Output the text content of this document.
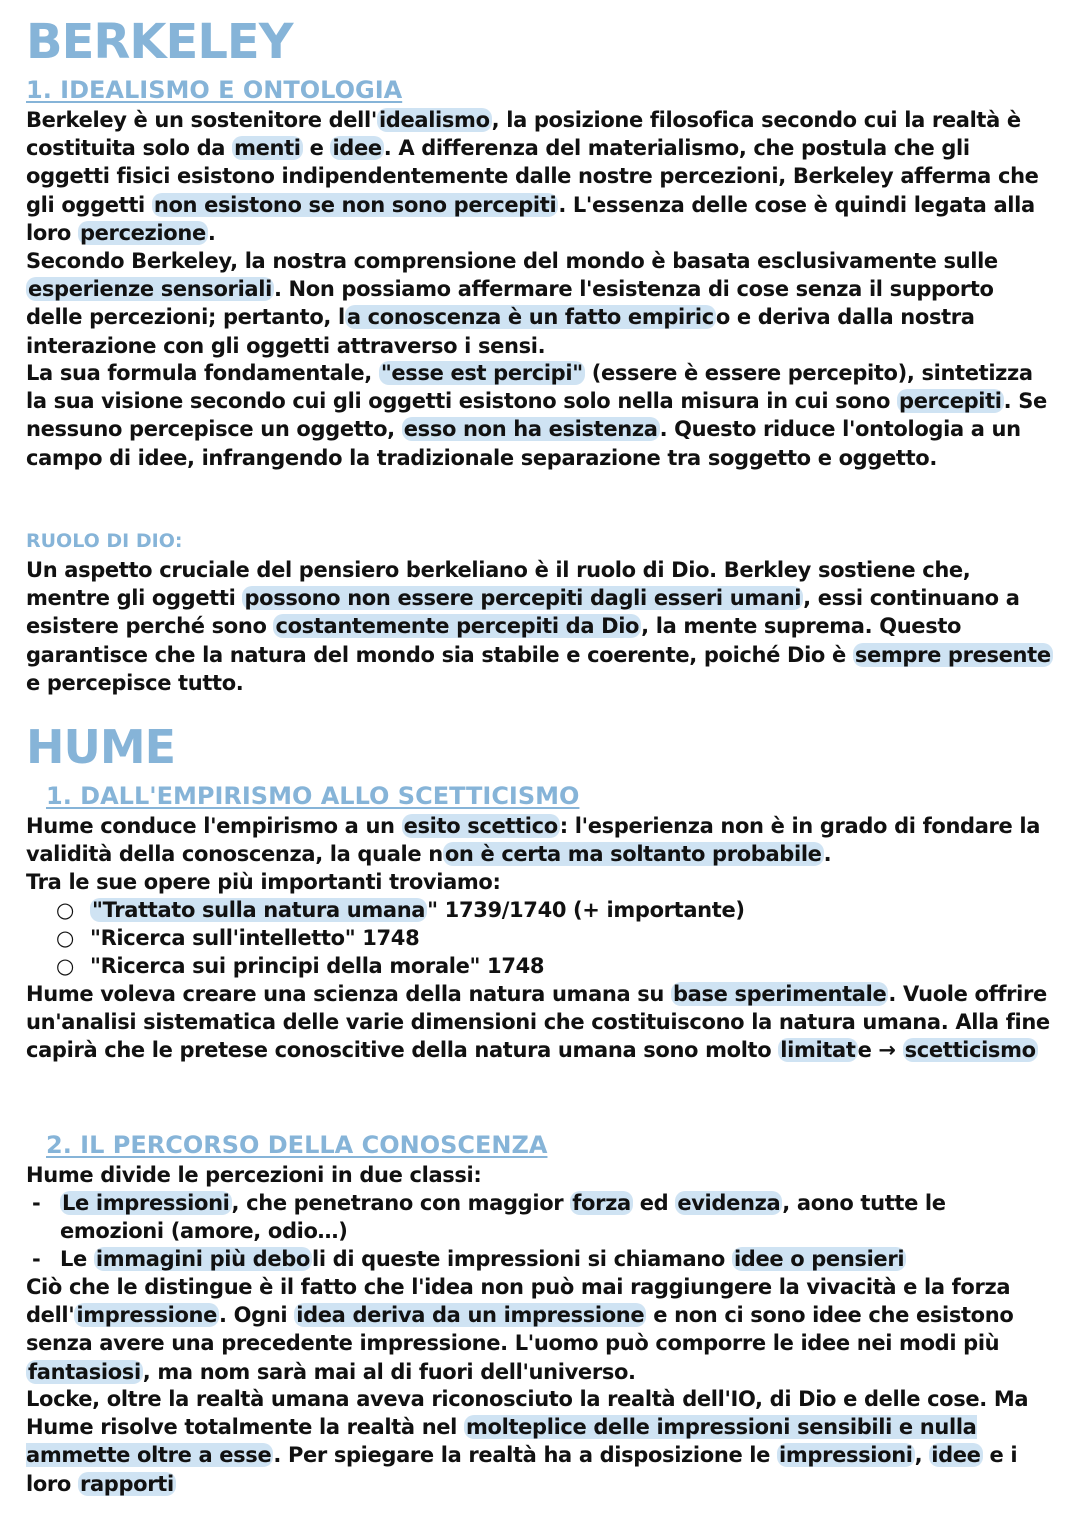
BERKELEY
1. IDEALISMO E ONTOLOGIA

Berkeley è un sostenitore dell'idealismo, la posizione filosofica secondo cui la realtà è costituita solo da menti e idee. A differenza del materialismo, che postula che gli oggetti fisici esistono indipendentemente dalle nostre percezioni, Berkeley afferma che gli oggetti non esistono se non sono percepiti. L'essenza delle cose è quindi legata alla loro percezione.

Secondo Berkeley, la nostra comprensione del mondo è basata esclusivamente sulle esperienze sensoriali. Non possiamo affermare l'esistenza di cose senza il supporto delle percezioni; pertanto, la conoscenza è un fatto empirico e deriva dalla nostra interazione con gli oggetti attraverso i sensi.

La sua formula fondamentale, "esse est percipi" (essere è essere percepito), sintetizza la sua visione secondo cui gli oggetti esistono solo nella misura in cui sono percepiti. Se nessuno percepisce un oggetto, esso non ha esistenza. Questo riduce l'ontologia a un campo di idee, infrangendo la tradizionale separazione tra soggetto e oggetto.

RUOLO DI DIO:

Un aspetto cruciale del pensiero berkeliano è il ruolo di Dio. Berkley sostiene che, mentre gli oggetti possono non essere percepiti dagli esseri umani, essi continuano a esistere perché sono costantemente percepiti da Dio, la mente suprema. Questo garantisce che la natura del mondo sia stabile e coerente, poiché Dio è sempre presente e percepisce tutto.

HUME
1. DALL'EMPIRISMO ALLO SCETTICISMO

Hume conduce l'empirismo a un esito scettico: l'esperienza non è in grado di fondare la validità della conoscenza, la quale non è certa ma soltanto probabile.

Tra le sue opere più importanti troviamo:

○ "Trattato sulla natura umana" 1739/1740 (+ importante)

○ "Ricerca sull'intelletto" 1748

○ "Ricerca sui principi della morale" 1748

Hume voleva creare una scienza della natura umana su base sperimentale. Vuole offrire un'analisi sistematica delle varie dimensioni che costituiscono la natura umana. Alla fine capirà che le pretese conoscitive della natura umana sono molto limitate → scetticismo

2. IL PERCORSO DELLA CONOSCENZA

Hume divide le percezioni in due classi:

- Le impressioni, che penetrano con maggior forza ed evidenza, aono tutte le emozioni (amore, odio…)

- Le immagini più deboli di queste impressioni si chiamano idee o pensieri

Ciò che le distingue è il fatto che l'idea non può mai raggiungere la vivacità e la forza dell'impressione. Ogni idea deriva da un impressione e non ci sono idee che esistono senza avere una precedente impressione. L'uomo può comporre le idee nei modi più fantasiosi, ma nom sarà mai al di fuori dell'universo.

Locke, oltre la realtà umana aveva riconosciuto la realtà dell'IO, di Dio e delle cose. Ma Hume risolve totalmente la realtà nel molteplice delle impressioni sensibili e nulla ammette oltre a esse. Per spiegare la realtà ha a disposizione le impressioni, idee e i loro rapporti
